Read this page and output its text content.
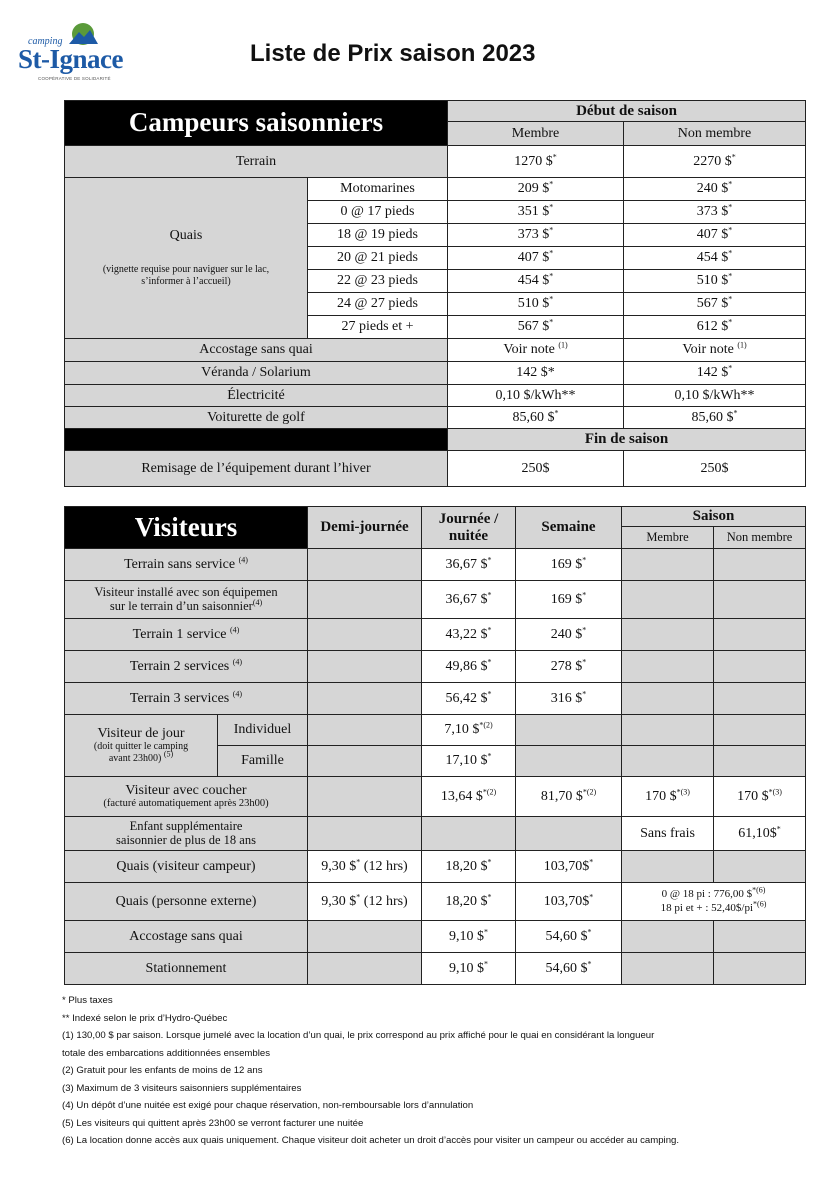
camping
St-Ignace
COOPÉRATIVE DE SOLIDARITÉ
Liste de Prix saison 2023
Campeurs saisonniers		Début de saison	
		Membre	Non membre
Terrain		1270 $*	2270 $*

Quais
(vignette requise pour naviguer sur le lac, s’informer à l’accueil)	Motomarines	209 $*	240 $*
	0 @ 17 pieds	351 $*	373 $*
	18 @ 19 pieds	373 $*	407 $*
	20 @ 21 pieds	407 $*	454 $*
	22 @ 23 pieds	454 $*	510 $*
	24 @ 27 pieds	510 $*	567 $*
	27 pieds et +	567 $*	612 $*
Accostage sans quai		Voir note $^{(1)}$	Voir note $^{(1)}$
Véranda / Solarium		142 $*	142 $*
Électricité		0,10 $/kWh**	0,10 $/kWh**
Voiturette de golf		85,60 $*	85,60 $*
		Fin de saison	
Remisage de l’équipement durant l’hiver		250$	250$
Visiteurs		Demi-journée	Journée / nuitée	Semaine	Saison	
					Membre	Non membre
Terrain sans service $^{(4)}$			36,67 $*	169 $*		

Visiteur installé avec son équipemen
sur le terrain d’un saisonnier$^{(4)}$			36,67 $*	169 $*		
Terrain 1 service $^{(4)}$			43,22 $*	240 $*		
Terrain 2 services $^{(4)}$			49,86 $*	278 $*		
Terrain 3 services $^{(4)}$			56,42 $*	316 $*		

Visiteur de jour
(doit quitter le camping
avant 23h00) $^{(5)}$	Individuel		7,10 \$$^{*(2)}$			
	Famille		17,10 $*			

Visiteur avec coucher
(facturé automatiquement après 23h00)			13,64 \$$^{*(2)}$	81,70 \$$^{*(2)}$	170 \$$^{*(3)}$	170 \$$^{*(3)}$

Enfant supplémentaire
saisonnier de plus de 18 ans					Sans frais	61,10$*
Quais (visiteur campeur)		9,30 $* (12 hrs)	18,20 $*	103,70$*		
Quais (personne externe)		9,30 $* (12 hrs)	18,20 $*	103,70$*	0 @ 18 pi : 776,00 \$$^{*(6)}$
18 pi et + : $52,40\$/pi^{*(6)}$

Accostage sans quai			9,10 $*	54,60 $*		
Stationnement			9,10 $*	54,60 $*		
* Plus taxes
** Indexé selon le prix d’Hydro-Québec
(1) 130,00 $ par saison. Lorsque jumelé avec la location d’un quai, le prix correspond au prix affiché pour le quai en considérant la longueur
totale des embarcations additionnées ensembles
(2) Gratuit pour les enfants de moins de 12 ans
(3) Maximum de 3 visiteurs saisonniers supplémentaires
(4) Un dépôt d’une nuitée est exigé pour chaque réservation, non-remboursable lors d’annulation
(5) Les visiteurs qui quittent après 23h00 se verront facturer une nuitée
(6) La location donne accès aux quais uniquement. Chaque visiteur doit acheter un droit d’accès pour visiter un campeur ou accéder au camping.
